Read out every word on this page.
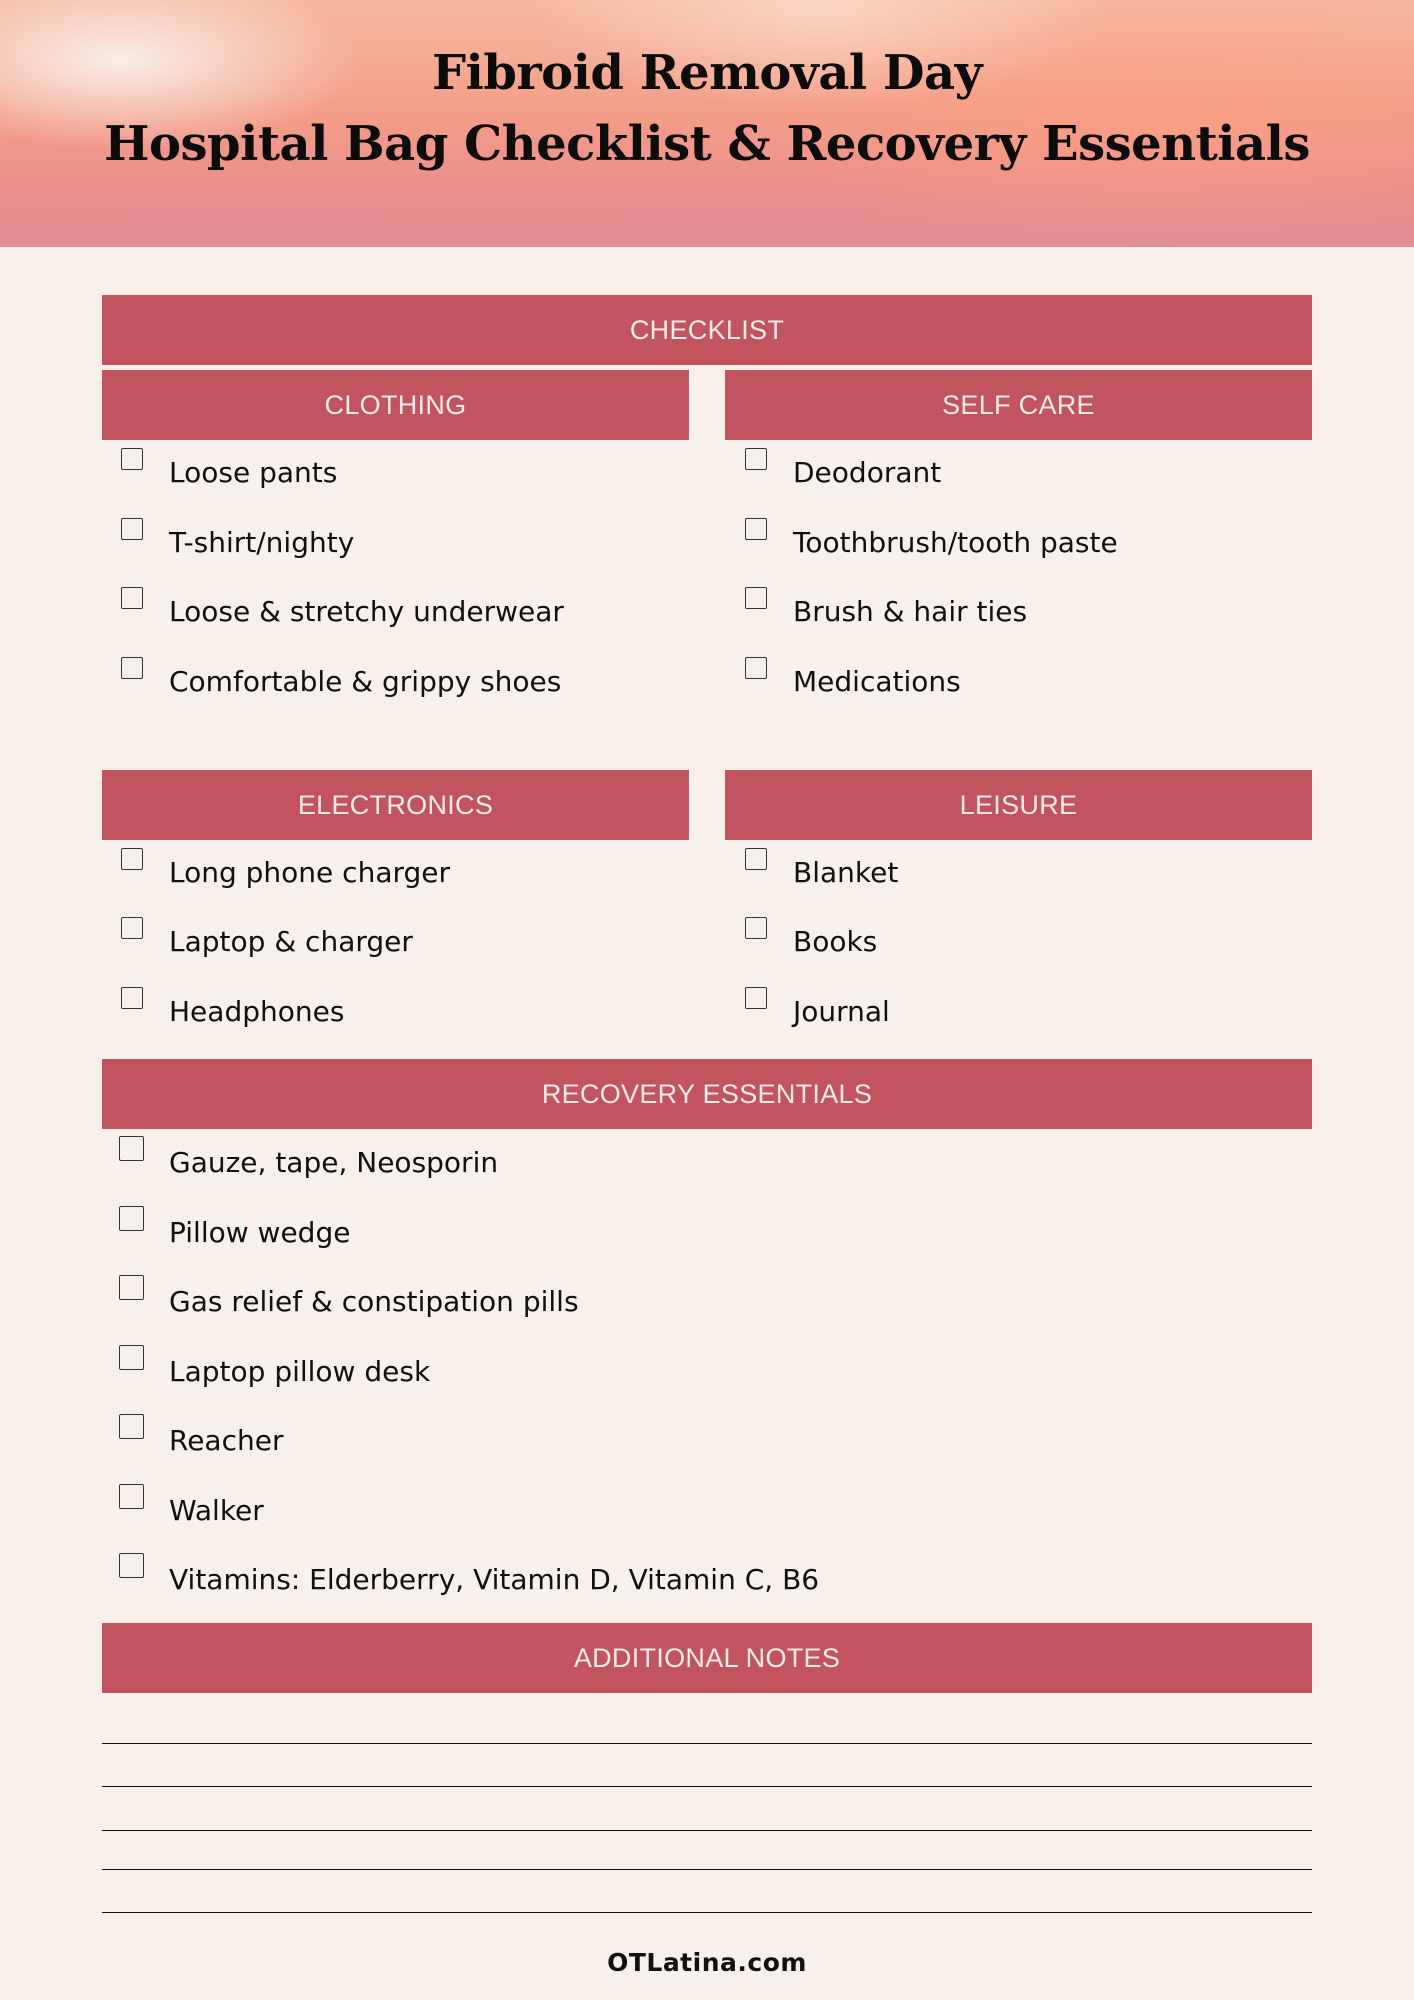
Fibroid Removal Day
Hospital Bag Checklist & Recovery Essentials
CHECKLIST
CLOTHING
Loose pants
T-shirt/nighty
Loose & stretchy underwear
Comfortable & grippy shoes
SELF CARE
Deodorant
Toothbrush/tooth paste
Brush & hair ties
Medications
ELECTRONICS
Long phone charger
Laptop & charger
Headphones
LEISURE
Blanket
Books
Journal
RECOVERY ESSENTIALS
Gauze, tape, Neosporin
Pillow wedge
Gas relief & constipation pills
Laptop pillow desk
Reacher
Walker
Vitamins: Elderberry, Vitamin D, Vitamin C, B6
ADDITIONAL NOTES
OTLatina.com
